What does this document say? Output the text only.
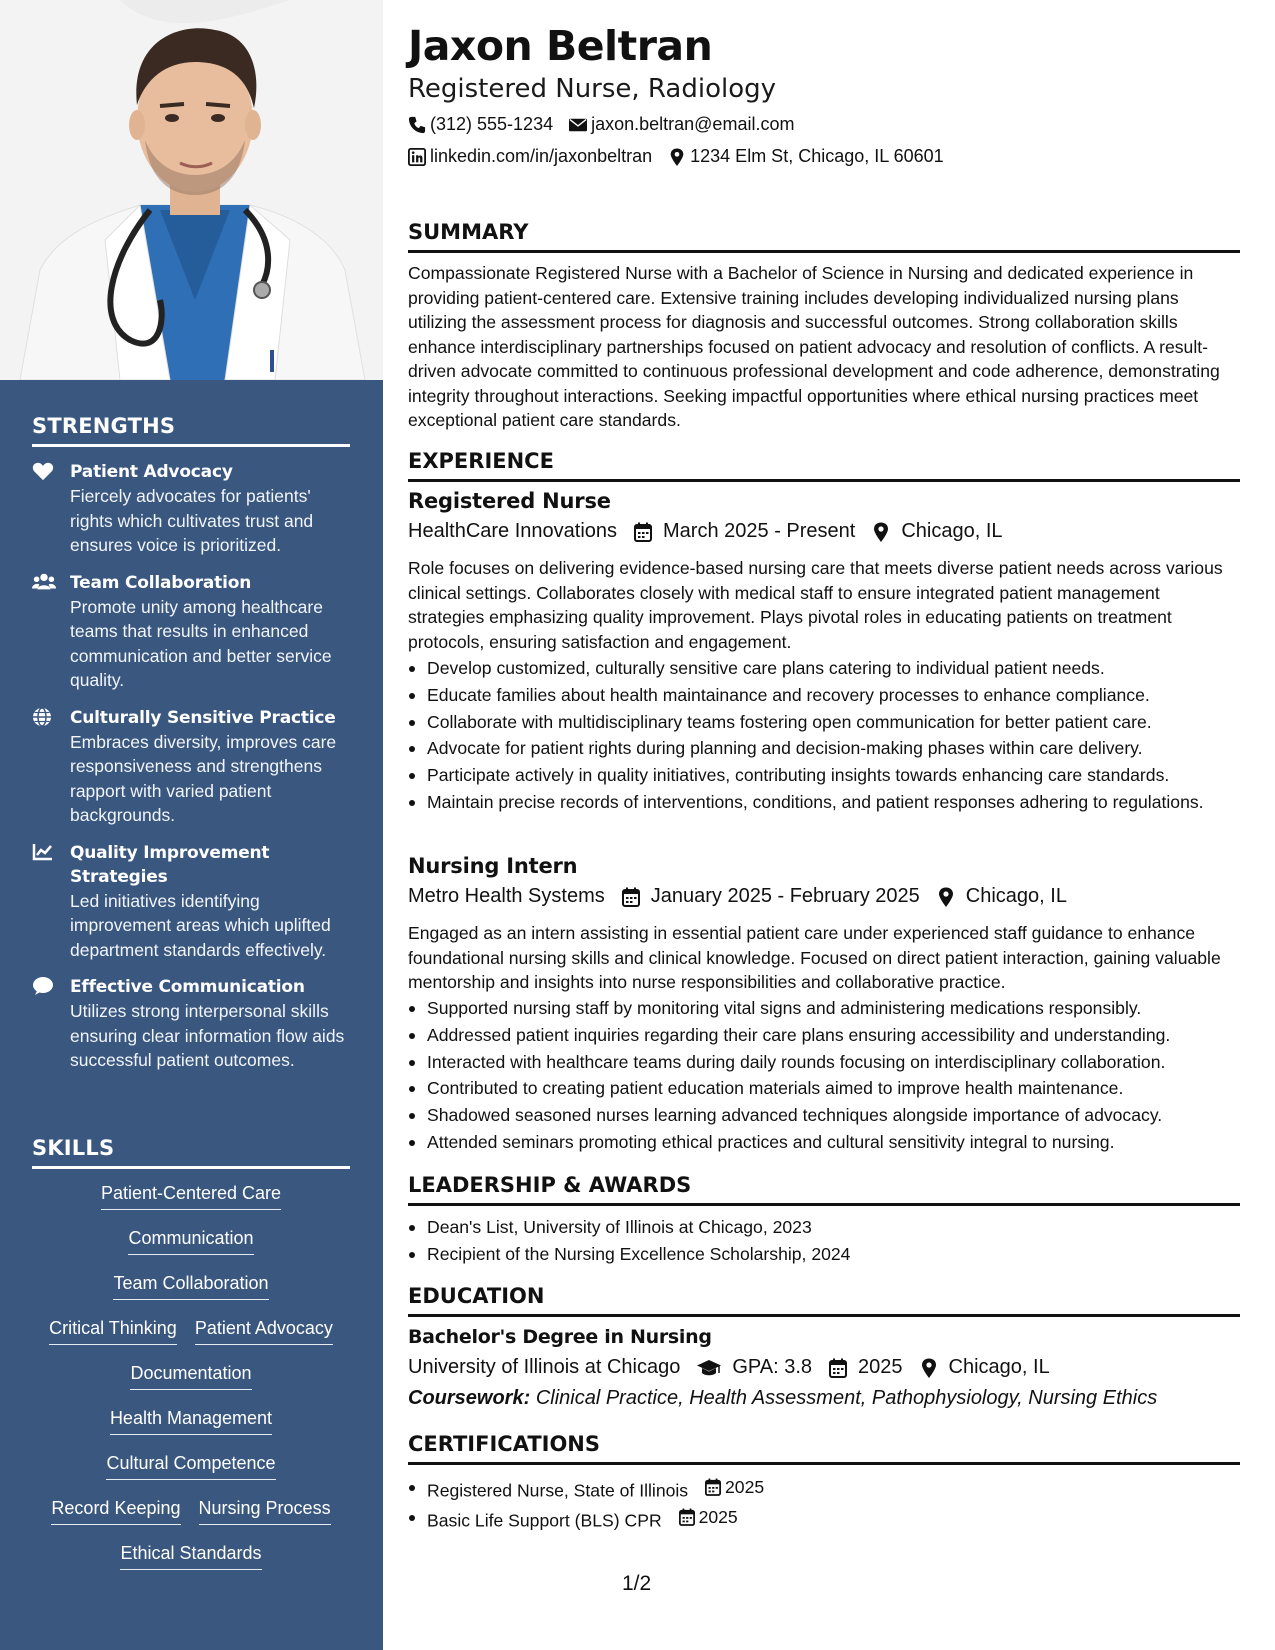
STRENGTHS
Patient Advocacy
Fiercely advocates for patients' rights which cultivates trust and ensures voice is prioritized.
Team Collaboration
Promote unity among healthcare teams that results in enhanced communication and better service quality.
Culturally Sensitive Practice
Embraces diversity, improves care responsiveness and strengthens rapport with varied patient backgrounds.
Quality Improvement Strategies
Led initiatives identifying improvement areas which uplifted department standards effectively.
Effective Communication
Utilizes strong interpersonal skills ensuring clear information flow aids successful patient outcomes.
SKILLS
Patient-Centered Care
Communication
Team Collaboration
Critical Thinking Patient Advocacy
Documentation
Health Management
Cultural Competence
Record Keeping Nursing Process
Ethical Standards
Jaxon Beltran
Registered Nurse, Radiology
(312) 555-1234 jaxon.beltran@email.com
linkedin.com/in/jaxonbeltran 1234 Elm St, Chicago, IL 60601
SUMMARY
Compassionate Registered Nurse with a Bachelor of Science in Nursing and dedicated experience in providing patient-centered care. Extensive training includes developing individualized nursing plans utilizing the assessment process for diagnosis and successful outcomes. Strong collaboration skills enhance interdisciplinary partnerships focused on patient advocacy and resolution of conflicts. A result-driven advocate committed to continuous professional development and code adherence, demonstrating integrity throughout interactions. Seeking impactful opportunities where ethical nursing practices meet exceptional patient care standards.
EXPERIENCE
Registered Nurse
HealthCare Innovations March 2025 - Present Chicago, IL
Role focuses on delivering evidence-based nursing care that meets diverse patient needs across various clinical settings. Collaborates closely with medical staff to ensure integrated patient management strategies emphasizing quality improvement. Plays pivotal roles in educating patients on treatment protocols, ensuring satisfaction and engagement.
Develop customized, culturally sensitive care plans catering to individual patient needs.
Educate families about health maintainance and recovery processes to enhance compliance.
Collaborate with multidisciplinary teams fostering open communication for better patient care.
Advocate for patient rights during planning and decision-making phases within care delivery.
Participate actively in quality initiatives, contributing insights towards enhancing care standards.
Maintain precise records of interventions, conditions, and patient responses adhering to regulations.
Nursing Intern
Metro Health Systems January 2025 - February 2025 Chicago, IL
Engaged as an intern assisting in essential patient care under experienced staff guidance to enhance foundational nursing skills and clinical knowledge. Focused on direct patient interaction, gaining valuable mentorship and insights into nurse responsibilities and collaborative practice.
Supported nursing staff by monitoring vital signs and administering medications responsibly.
Addressed patient inquiries regarding their care plans ensuring accessibility and understanding.
Interacted with healthcare teams during daily rounds focusing on interdisciplinary collaboration.
Contributed to creating patient education materials aimed to improve health maintenance.
Shadowed seasoned nurses learning advanced techniques alongside importance of advocacy.
Attended seminars promoting ethical practices and cultural sensitivity integral to nursing.
LEADERSHIP & AWARDS
Dean's List, University of Illinois at Chicago, 2023
Recipient of the Nursing Excellence Scholarship, 2024
EDUCATION
Bachelor's Degree in Nursing
University of Illinois at Chicago	GPA: 3.8 2025 Chicago, IL
Coursework: Clinical Practice, Health Assessment, Pathophysiology, Nursing Ethics
CERTIFICATIONS
Registered Nurse, State of Illinois 2025
Basic Life Support (BLS) CPR 2025
1/2
